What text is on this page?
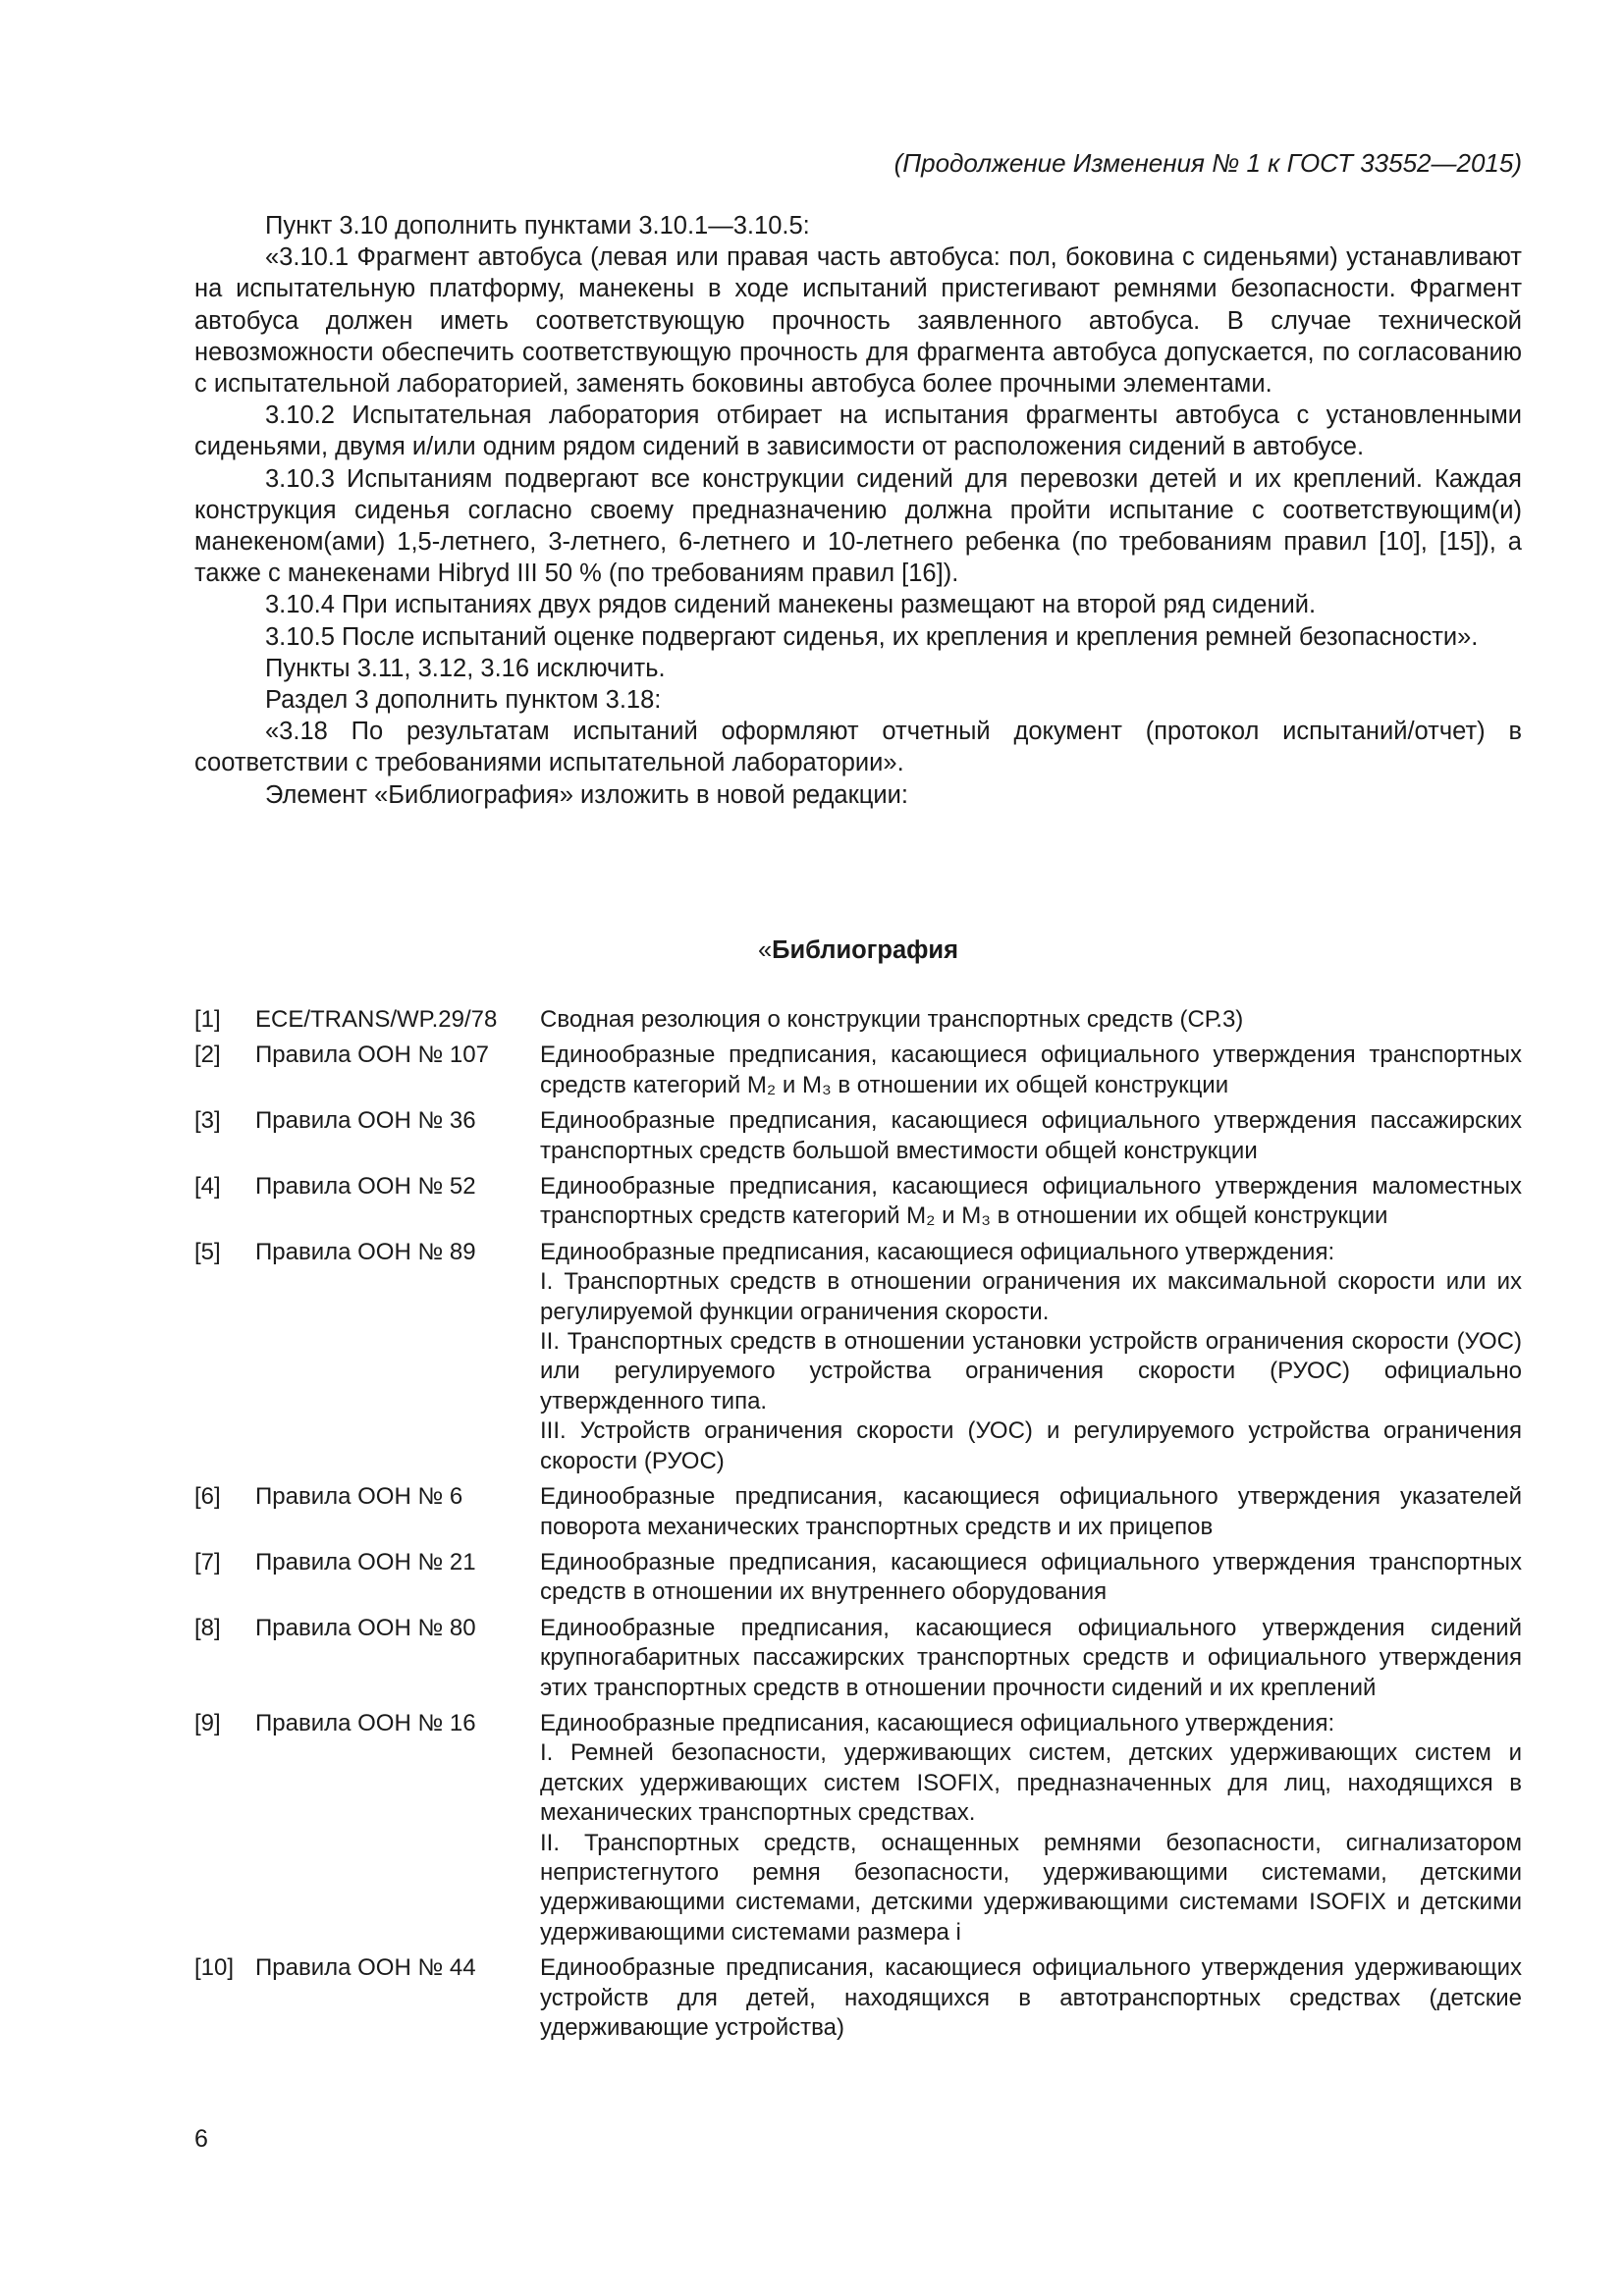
(Продолжение Изменения № 1 к ГОСТ 33552—2015)

Пункт 3.10 дополнить пунктами 3.10.1—3.10.5:

«3.10.1 Фрагмент автобуса (левая или правая часть автобуса: пол, боковина с сиденьями) устанавливают на испытательную платформу, манекены в ходе испытаний пристегивают ремнями безопасности. Фрагмент автобуса должен иметь соответствующую прочность заявленного автобуса. В случае технической невозможности обеспечить соответствующую прочность для фрагмента автобуса допускается, по согласованию с испытательной лабораторией, заменять боковины автобуса более прочными элементами.

3.10.2 Испытательная лаборатория отбирает на испытания фрагменты автобуса с установленными сиденьями, двумя и/или одним рядом сидений в зависимости от расположения сидений в автобусе.

3.10.3 Испытаниям подвергают все конструкции сидений для перевозки детей и их креплений. Каждая конструкция сиденья согласно своему предназначению должна пройти испытание с соответствующим(и) манекеном(ами) 1,5-летнего, 3-летнего, 6-летнего и 10-летнего ребенка (по требованиям правил [10], [15]), а также с манекенами Hibryd III 50 % (по требованиям правил [16]).

3.10.4 При испытаниях двух рядов сидений манекены размещают на второй ряд сидений.

3.10.5 После испытаний оценке подвергают сиденья, их крепления и крепления ремней безопасности».

Пункты 3.11, 3.12, 3.16 исключить.

Раздел 3 дополнить пунктом 3.18:

«3.18 По результатам испытаний оформляют отчетный документ (протокол испытаний/отчет) в соответствии с требованиями испытательной лаборатории».

Элемент «Библиография» изложить в новой редакции:

«Библиография
[1]	ECE/TRANS/WP.29/78	Сводная резолюция о конструкции транспортных средств (СР.3)

[2]	Правила ООН № 107	Единообразные предписания, касающиеся официального утверждения транспортных средств категорий M₂ и M₃ в отношении их общей конструкции

[3]	Правила ООН № 36	Единообразные предписания, касающиеся официального утверждения пассажирских транспортных средств большой вместимости общей конструкции

[4]	Правила ООН № 52	Единообразные предписания, касающиеся официального утверждения маломестных транспортных средств категорий M₂ и M₃ в отношении их общей конструкции

[5]	Правила ООН № 89	Единообразные предписания, касающиеся официального утверждения:
I. Транспортных средств в отношении ограничения их максимальной скорости или их регулируемой функции ограничения скорости.
II. Транспортных средств в отношении установки устройств ограничения скорости (УОС) или регулируемого устройства ограничения скорости (РУОС) официально утвержденного типа.
III. Устройств ограничения скорости (УОС) и регулируемого устройства ограничения скорости (РУОС)

[6]	Правила ООН № 6	Единообразные предписания, касающиеся официального утверждения указателей поворота механических транспортных средств и их прицепов

[7]	Правила ООН № 21	Единообразные предписания, касающиеся официального утверждения транспортных средств в отношении их внутреннего оборудования

[8]	Правила ООН № 80	Единообразные предписания, касающиеся официального утверждения сидений крупногабаритных пассажирских транспортных средств и официального утверждения этих транспортных средств в отношении прочности сидений и их креплений

[9]	Правила ООН № 16	Единообразные предписания, касающиеся официального утверждения:
I. Ремней безопасности, удерживающих систем, детских удерживающих систем и детских удерживающих систем ISOFIX, предназначенных для лиц, находящихся в механических транспортных средствах.
II. Транспортных средств, оснащенных ремнями безопасности, сигнализатором непристегнутого ремня безопасности, удерживающими системами, детскими удерживающими системами, детскими удерживающими системами ISOFIX и детскими удерживающими системами размера i

[10]	Правила ООН № 44	Единообразные предписания, касающиеся официального утверждения удерживающих устройств для детей, находящихся в автотранспортных средствах (детские удерживающие устройства)
6
